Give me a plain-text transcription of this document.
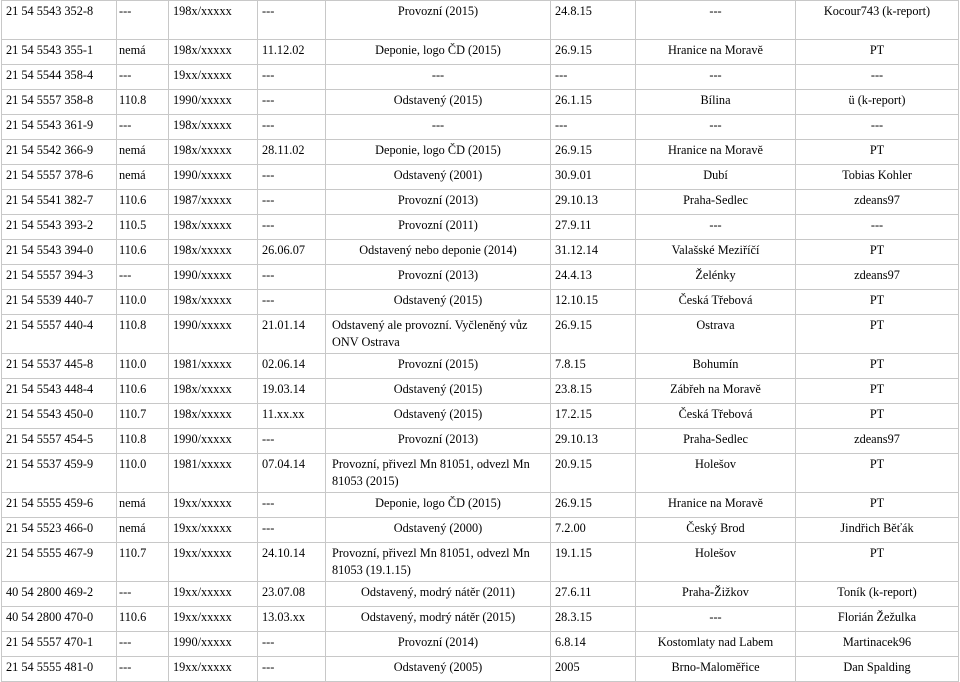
21 54 5543 352-8	---	198x/xxxxx	---	Provozní (2015)	24.8.15	---	Kocour743 (k-report)
21 54 5543 355-1	nemá	198x/xxxxx	11.12.02	Deponie, logo ČD (2015)	26.9.15	Hranice na Moravě	PT
21 54 5544 358-4	---	19xx/xxxxx	---	---	---	---	---
21 54 5557 358-8	110.8	1990/xxxxx	---	Odstavený (2015)	26.1.15	Bílina	ü (k-report)
21 54 5543 361-9	---	198x/xxxxx	---	---	---	---	---
21 54 5542 366-9	nemá	198x/xxxxx	28.11.02	Deponie, logo ČD (2015)	26.9.15	Hranice na Moravě	PT
21 54 5557 378-6	nemá	1990/xxxxx	---	Odstavený (2001)	30.9.01	Dubí	Tobias Kohler
21 54 5541 382-7	110.6	1987/xxxxx	---	Provozní (2013)	29.10.13	Praha-Sedlec	zdeans97
21 54 5543 393-2	110.5	198x/xxxxx	---	Provozní (2011)	27.9.11	---	---
21 54 5543 394-0	110.6	198x/xxxxx	26.06.07	Odstavený nebo deponie (2014)	31.12.14	Valašské Meziříčí	PT
21 54 5557 394-3	---	1990/xxxxx	---	Provozní (2013)	24.4.13	Želénky	zdeans97
21 54 5539 440-7	110.0	198x/xxxxx	---	Odstavený (2015)	12.10.15	Česká Třebová	PT
21 54 5557 440-4	110.8	1990/xxxxx	21.01.14	Odstavený ale provozní. Vyčleněný vůz ONV Ostrava	26.9.15	Ostrava	PT
21 54 5537 445-8	110.0	1981/xxxxx	02.06.14	Provozní (2015)	7.8.15	Bohumín	PT
21 54 5543 448-4	110.6	198x/xxxxx	19.03.14	Odstavený (2015)	23.8.15	Zábřeh na Moravě	PT
21 54 5543 450-0	110.7	198x/xxxxx	11.xx.xx	Odstavený (2015)	17.2.15	Česká Třebová	PT
21 54 5557 454-5	110.8	1990/xxxxx	---	Provozní (2013)	29.10.13	Praha-Sedlec	zdeans97
21 54 5537 459-9	110.0	1981/xxxxx	07.04.14	Provozní, přivezl Mn 81051, odvezl Mn 81053 (2015)	20.9.15	Holešov	PT
21 54 5555 459-6	nemá	19xx/xxxxx	---	Deponie, logo ČD (2015)	26.9.15	Hranice na Moravě	PT
21 54 5523 466-0	nemá	19xx/xxxxx	---	Odstavený (2000)	7.2.00	Český Brod	Jindřich Běťák
21 54 5555 467-9	110.7	19xx/xxxxx	24.10.14	Provozní, přivezl Mn 81051, odvezl Mn 81053 (19.1.15)	19.1.15	Holešov	PT
40 54 2800 469-2	---	19xx/xxxxx	23.07.08	Odstavený, modrý nátěr (2011)	27.6.11	Praha-Žižkov	Toník (k-report)
40 54 2800 470-0	110.6	19xx/xxxxx	13.03.xx	Odstavený, modrý nátěr (2015)	28.3.15	---	Florián Žežulka
21 54 5557 470-1	---	1990/xxxxx	---	Provozní (2014)	6.8.14	Kostomlaty nad Labem	Martinacek96
21 54 5555 481-0	---	19xx/xxxxx	---	Odstavený (2005)	2005	Brno-Maloměřice	Dan Spalding
